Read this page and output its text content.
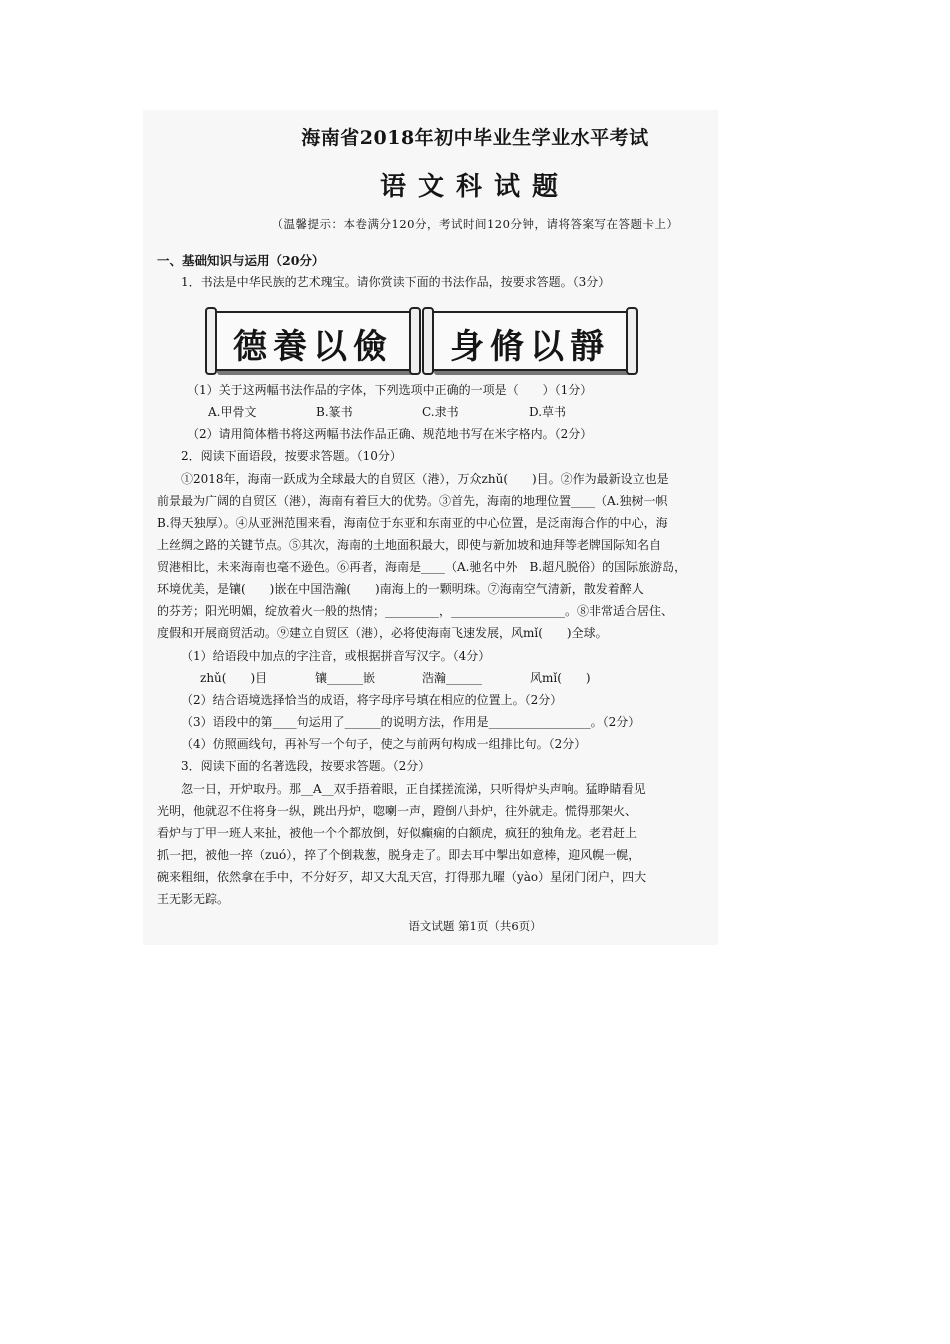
海南省2018年初中毕业生学业水平考试
语文科试题
（温馨提示：本卷满分120分，考试时间120分钟，请将答案写在答题卡上）
一、基础知识与运用（20分）
1．书法是中华民族的艺术瑰宝。请你赏读下面的书法作品，按要求答题。（3分）
德養以儉 身脩以靜
（1）关于这两幅书法作品的字体，下列选项中正确的一项是（　　）（1分）
A.甲骨文	B.篆书	C.隶书	D.草书
（2）请用简体楷书将这两幅书法作品正确、规范地书写在米字格内。（2分）
2．阅读下面语段，按要求答题。（10分）
①2018年，海南一跃成为全球最大的自贸区（港），万众zhǔ(　　)目。②作为最新设立也是
前景最为广阔的自贸区（港），海南有着巨大的优势。③首先，海南的地理位置____（A.独树一帜
B.得天独厚）。④从亚洲范围来看，海南位于东亚和东南亚的中心位置，是泛南海合作的中心，海
上丝绸之路的关键节点。⑤其次，海南的土地面积最大，即使与新加坡和迪拜等老牌国际知名自
贸港相比，未来海南也毫不逊色。⑥再者，海南是____（A.驰名中外　B.超凡脱俗）的国际旅游岛，
环境优美，是镶(　　)嵌在中国浩瀚(　　)南海上的一颗明珠。⑦海南空气清新，散发着醉人
的芬芳；阳光明媚，绽放着火一般的热情；_________，___________________。⑧非常适合居住、
度假和开展商贸活动。⑨建立自贸区（港），必将使海南飞速发展，风mǐ(　　)全球。
（1）给语段中加点的字注音，或根据拼音写汉字。（4分）
zhǔ(　　)目	镶______嵌	浩瀚______	风mǐ(　　)
（2）结合语境选择恰当的成语，将字母序号填在相应的位置上。（2分）
（3）语段中的第____句运用了______的说明方法，作用是_________________。（2分）
（4）仿照画线句，再补写一个句子，使之与前两句构成一组排比句。（2分）
3．阅读下面的名著选段，按要求答题。（2分）
忽一日，开炉取丹。那__A__双手捂着眼，正自揉搓流涕，只听得炉头声响。猛睁睛看见
光明，他就忍不住将身一纵，跳出丹炉，唿喇一声，蹬倒八卦炉，往外就走。慌得那架火、
看炉与丁甲一班人来扯，被他一个个都放倒，好似癫痫的白额虎，疯狂的独角龙。老君赶上
抓一把，被他一捽（zuó），捽了个倒栽葱，脱身走了。即去耳中掣出如意棒，迎风幌一幌，
碗来粗细，依然拿在手中，不分好歹，却又大乱天宫，打得那九曜（yào）星闭门闭户，四大
王无影无踪。
语文试题 第1页（共6页）
